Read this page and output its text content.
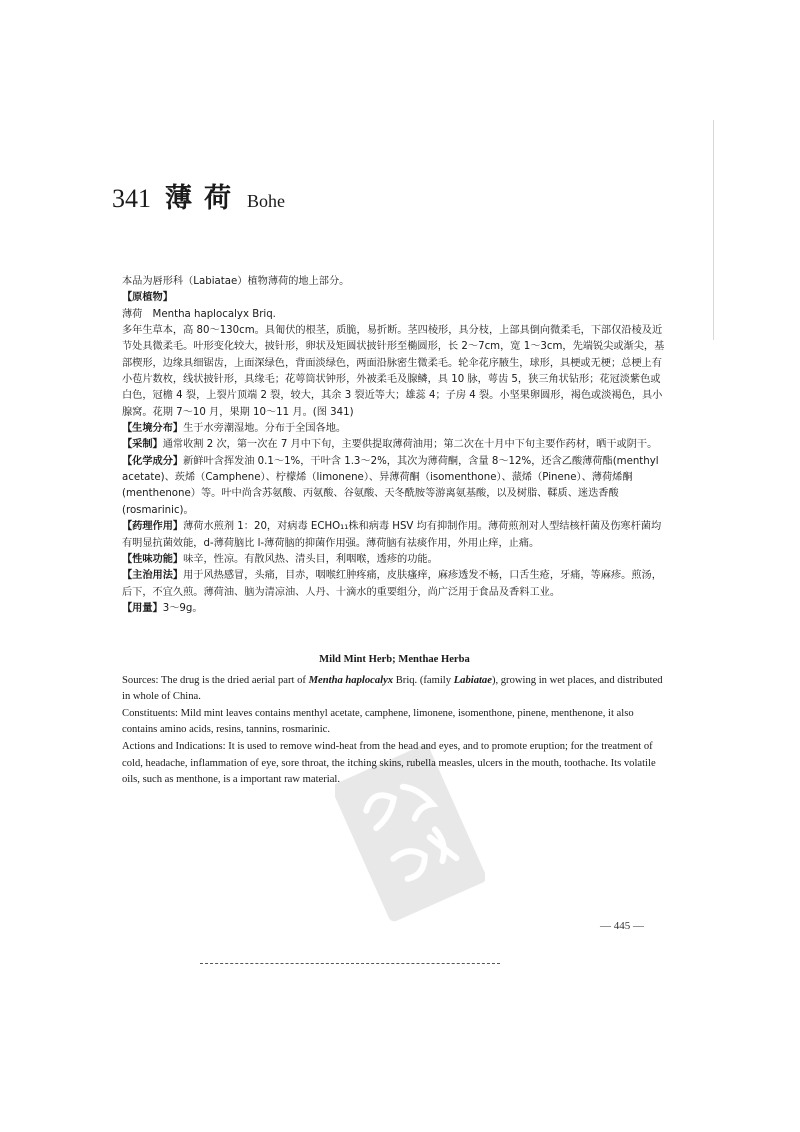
341 薄荷 Bohe

本品为唇形科（Labiatae）植物薄荷的地上部分。

【原植物】

薄荷　Mentha haplocalyx Briq.

多年生草本，高 80～130cm。具匍伏的根茎，质脆，易折断。茎四棱形，具分枝，上部具倒向微柔毛，下部仅沿棱及近节处具微柔毛。叶形变化较大，披针形，卵状及矩圆状披针形至椭圆形，长 2～7cm，宽 1～3cm，先端锐尖或渐尖，基部楔形，边缘具细锯齿，上面深绿色，背面淡绿色，两面沿脉密生微柔毛。轮伞花序腋生，球形，具梗或无梗；总梗上有小苞片数枚，线状披针形，具缘毛；花萼筒状钟形，外被柔毛及腺鳞，具 10 脉，萼齿 5，狭三角状钻形；花冠淡紫色或白色，冠檐 4 裂，上裂片顶端 2 裂，较大，其余 3 裂近等大；雄蕊 4；子房 4 裂。小坚果卵圆形，褐色或淡褐色，具小腺窝。花期 7～10 月，果期 10～11 月。(图 341)

【生境分布】生于水旁潮湿地。分布于全国各地。

【采制】通常收割 2 次，第一次在 7 月中下旬，主要供提取薄荷油用；第二次在十月中下旬主要作药材，晒干或阴干。

【化学成分】新鲜叶含挥发油 0.1～1%，干叶含 1.3～2%，其次为薄荷酮，含量 8～12%，还含乙酸薄荷酯(menthyl acetate)、莰烯（Camphene）、柠檬烯（limonene）、异薄荷酮（isomenthone）、蒎烯（Pinene）、薄荷烯酮(menthenone）等。叶中尚含苏氨酸、丙氨酸、谷氨酸、天冬酰胺等游离氨基酸，以及树脂、鞣质、迷迭香酸(rosmarinic)。

【药理作用】薄荷水煎剂 1：20，对病毒 ECHO₁₁株和病毒 HSV 均有抑制作用。薄荷煎剂对人型结核杆菌及伤寒杆菌均有明显抗菌效能，d-薄荷脑比 l-薄荷脑的抑菌作用强。薄荷脑有祛痰作用，外用止痒，止痛。

【性味功能】味辛，性凉。有散风热、清头目，利咽喉，透疹的功能。

【主治用法】用于风热感冒，头痛，目赤，咽喉红肿疼痛，皮肤瘙痒，麻疹透发不畅，口舌生疮，牙痛，等麻疹。煎汤，后下，不宜久煎。薄荷油、脑为清凉油、人丹、十滴水的重要组分，尚广泛用于食品及香料工业。

【用量】3～9g。

Mild Mint Herb; Menthae Herba

Sources: The drug is the dried aerial part of Mentha haplocalyx Briq. (family Labiatae), growing in wet places, and distributed in whole of China.

Constituents: Mild mint leaves contains menthyl acetate, camphene, limonene, isomenthone, pinene, menthenone, it also contains amino acids, resins, tannins, rosmarinic.

Actions and Indications: It is used to remove wind-heat from the head and eyes, and to promote eruption; for the treatment of cold, headache, inflammation of eye, sore throat, the itching skins, rubella measles, ulcers in the mouth, toothache. Its volatile oils, such as menthone, is a important raw material.

— 445 —
